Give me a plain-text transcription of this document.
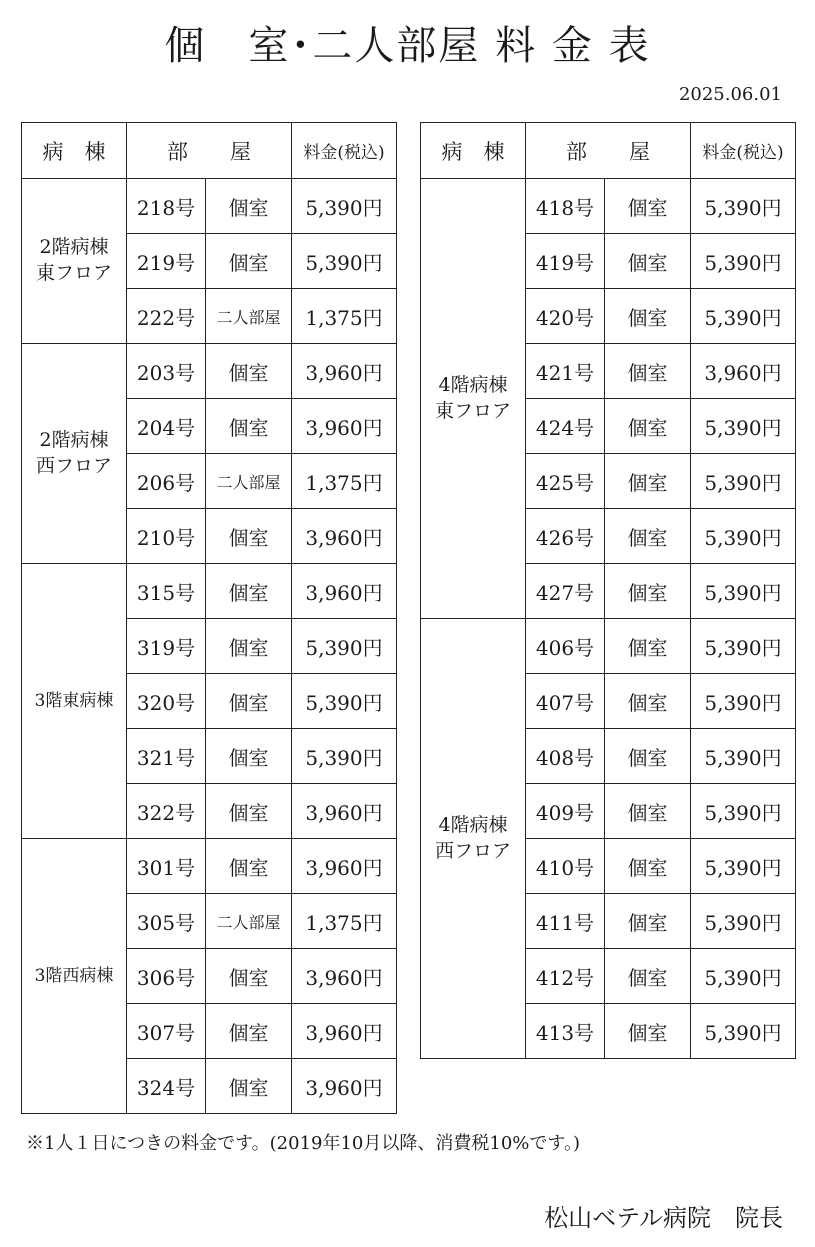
個　室･二人部屋 料 金 表
2025.06.01
病　棟	部　　屋		料金(税込)
2階病棟
東フロア	218号	個室	5,390円
	219号	個室	5,390円
	222号	二人部屋	1,375円
2階病棟
西フロア	203号	個室	3,960円
	204号	個室	3,960円
	206号	二人部屋	1,375円
	210号	個室	3,960円
3階東病棟	315号	個室	3,960円
	319号	個室	5,390円
	320号	個室	5,390円
	321号	個室	5,390円
	322号	個室	3,960円
3階西病棟	301号	個室	3,960円
	305号	二人部屋	1,375円
	306号	個室	3,960円
	307号	個室	3,960円
	324号	個室	3,960円
病　棟	部　　屋		料金(税込)
4階病棟
東フロア	418号	個室	5,390円
	419号	個室	5,390円
	420号	個室	5,390円
	421号	個室	3,960円
	424号	個室	5,390円
	425号	個室	5,390円
	426号	個室	5,390円
	427号	個室	5,390円
4階病棟
西フロア	406号	個室	5,390円
	407号	個室	5,390円
	408号	個室	5,390円
	409号	個室	5,390円
	410号	個室	5,390円
	411号	個室	5,390円
	412号	個室	5,390円
	413号	個室	5,390円
※1人１日につきの料金です。(2019年10月以降、消費税10%です。)
松山ベテル病院　院長
